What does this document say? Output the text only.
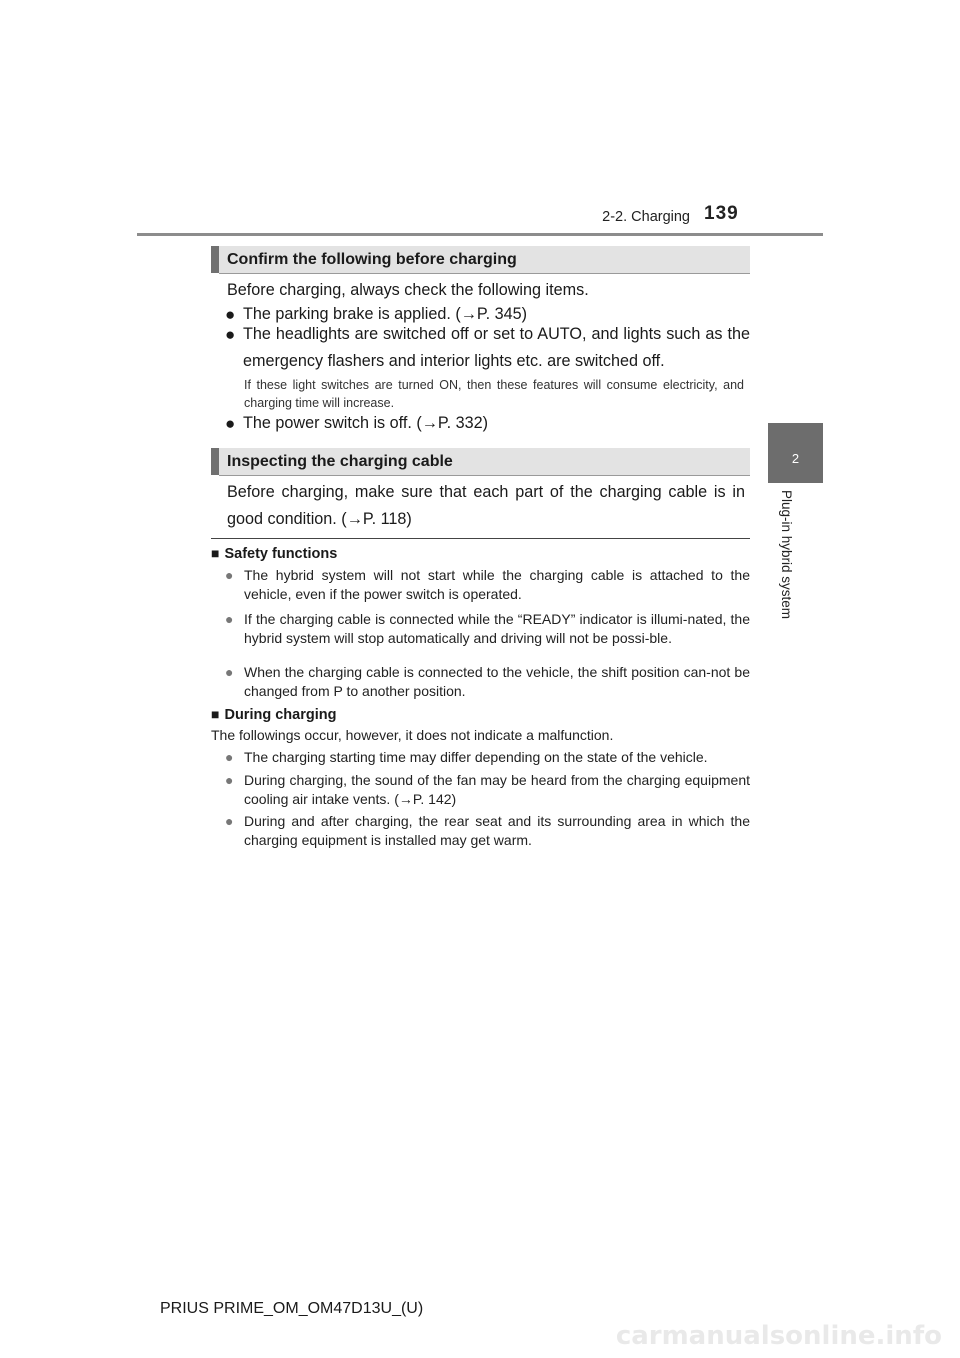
2-2. Charging 139
2
Plug-in hybrid system
Confirm the following before charging
Before charging, always check the following items.
● The parking brake is applied. (→P. 345)
● The headlights are switched off or set to AUTO, and lights such as the emergency flashers and interior lights etc. are switched off.
If these light switches are turned ON, then these features will consume electricity, and charging time will increase.
● The power switch is off. (→P. 332)
Inspecting the charging cable
Before charging, make sure that each part of the charging cable is in good condition. (→P. 118)
■ Safety functions
● The hybrid system will not start while the charging cable is attached to the vehicle, even if the power switch is operated.
● If the charging cable is connected while the “READY” indicator is illumi-nated, the hybrid system will stop automatically and driving will not be possi-ble.
● When the charging cable is connected to the vehicle, the shift position can-not be changed from P to another position.
■ During charging
The followings occur, however, it does not indicate a malfunction.
● The charging starting time may differ depending on the state of the vehicle.
● During charging, the sound of the fan may be heard from the charging equipment cooling air intake vents. (→P. 142)
● During and after charging, the rear seat and its surrounding area in which the charging equipment is installed may get warm.
PRIUS PRIME_OM_OM47D13U_(U)
carmanualsonline.info
